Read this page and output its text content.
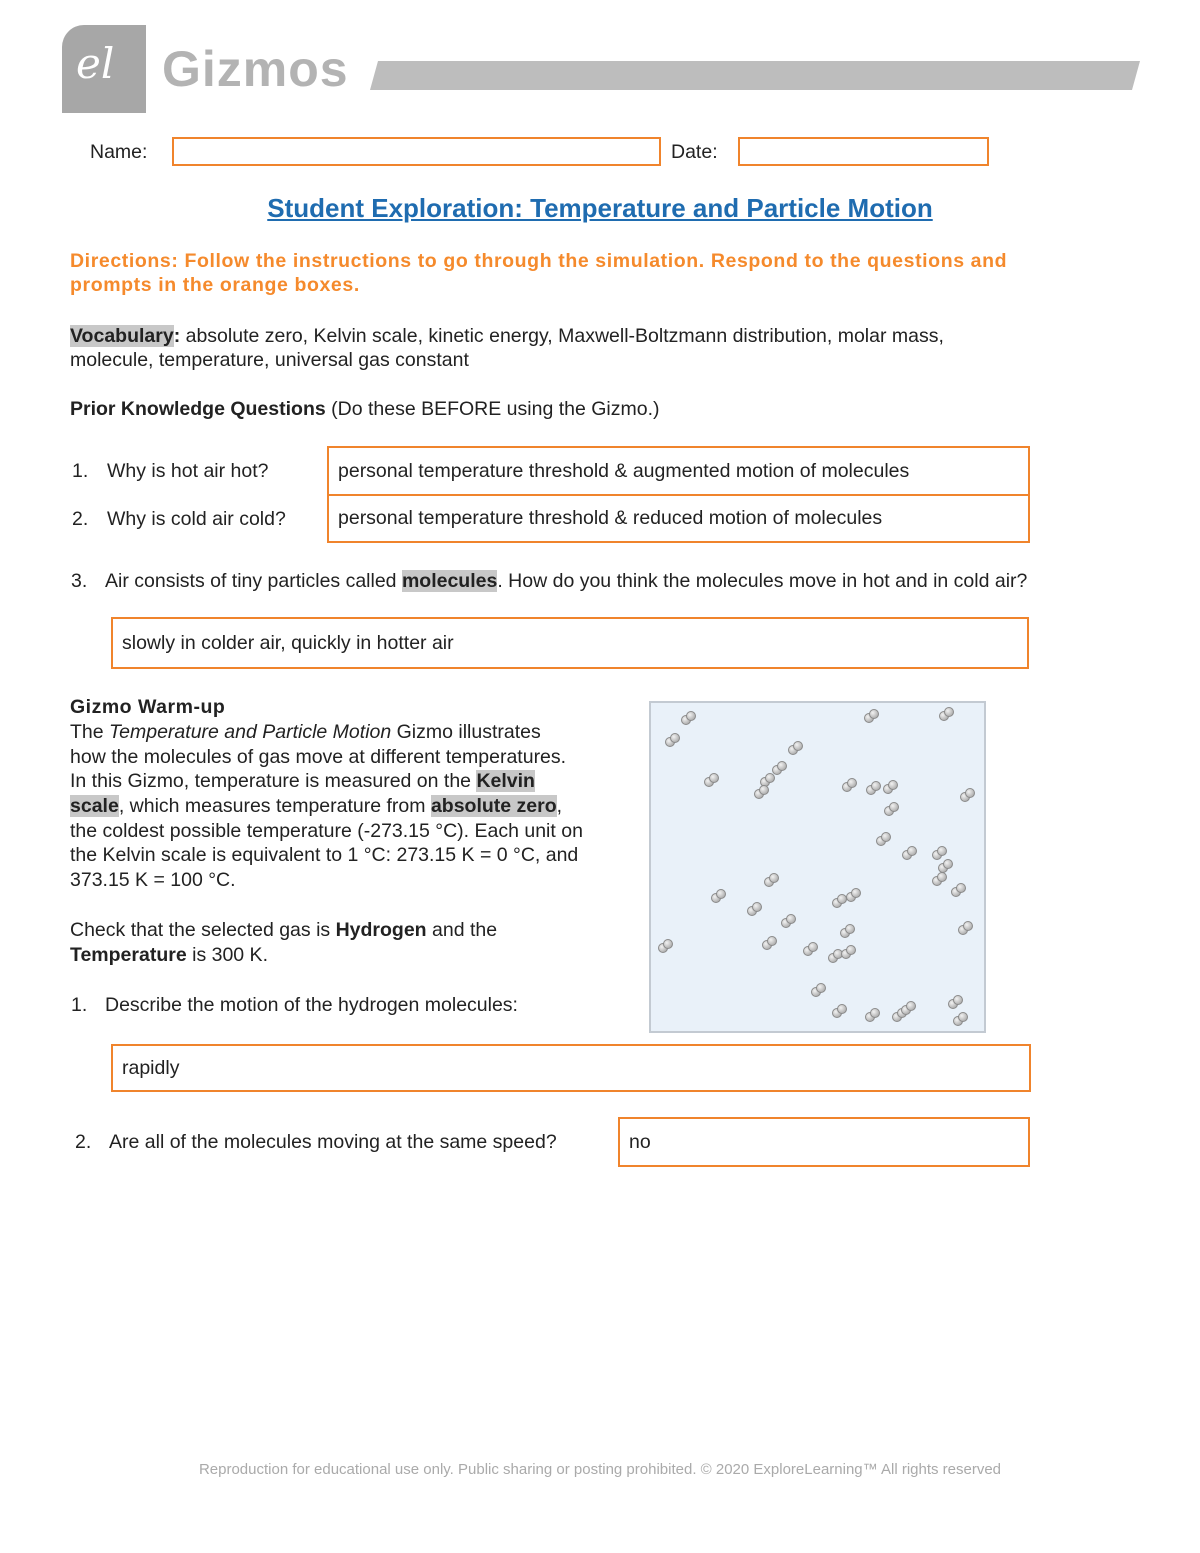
el Gizmos
Name:	Date:
Student Exploration: Temperature and Particle Motion
Directions: Follow the instructions to go through the simulation. Respond to the questions and
prompts in the orange boxes.
Vocabulary: absolute zero, Kelvin scale, kinetic energy, Maxwell-Boltzmann distribution, molar mass,
molecule, temperature, universal gas constant
Prior Knowledge Questions (Do these BEFORE using the Gizmo.)
1. Why is hot air hot?	personal temperature threshold & augmented motion of molecules
2. Why is cold air cold?	personal temperature threshold & reduced motion of molecules
3. Air consists of tiny particles called molecules. How do you think the molecules move in hot and in cold air?
slowly in colder air, quickly in hotter air
Gizmo Warm-up
The Temperature and Particle Motion Gizmo illustrates
how the molecules of gas move at different temperatures.
In this Gizmo, temperature is measured on the Kelvin
scale, which measures temperature from absolute zero,
the coldest possible temperature (-273.15 °C). Each unit on
the Kelvin scale is equivalent to 1 °C: 273.15 K = 0 °C, and
373.15 K = 100 °C.
Check that the selected gas is Hydrogen and the
Temperature is 300 K.
1. Describe the motion of the hydrogen molecules:
rapidly
2. Are all of the molecules moving at the same speed?	no
Reproduction for educational use only. Public sharing or posting prohibited. © 2020 ExploreLearning™ All rights reserved
